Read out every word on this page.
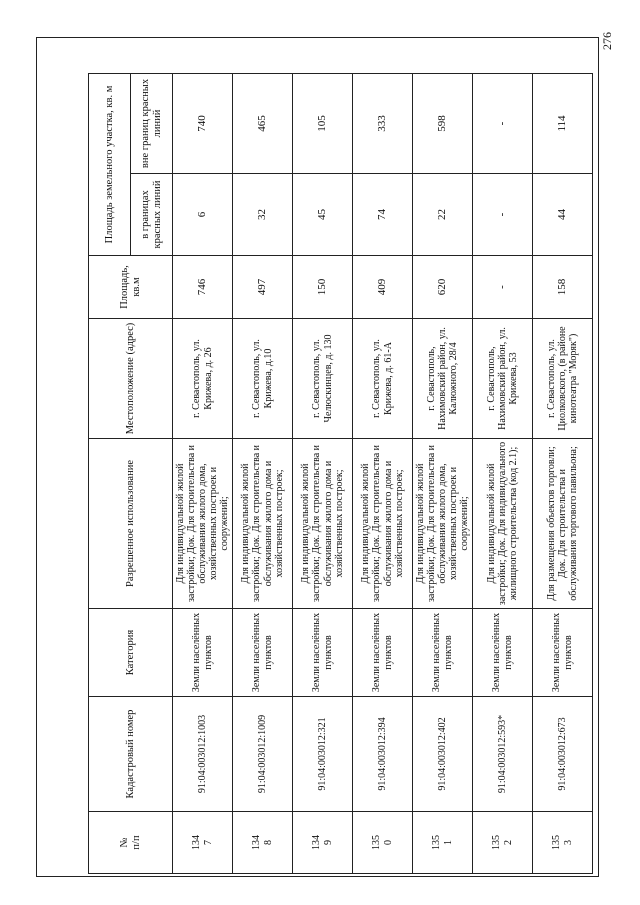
276
№
п/п	Кадастровый номер	Категория	Разрешенное использование	Местоположение (адрес)	Площадь, кв.м	Площадь земельного участка, кв. м	
						в границах красных линий	вне границ красных линий
134
7	91:04:003012:1003	Земли населённых пунктов	Для индивидуальной жилой застройки; Док. Для строительства и обслуживания жилого дома, хозяйственных построек и сооружений;	г. Севастополь, ул. Крижева, д. 26	746	6	740
134
8	91:04:003012:1009	Земли населённых пунктов	Для индивидуальной жилой застройки; Док. Для строительства и обслуживания жилого дома и хозяйственных построек;	г. Севастополь, ул. Крижева, д.10	497	32	465
134
9	91:04:003012:321	Земли населённых пунктов	Для индивидуальной жилой застройки; Док. Для строительства и обслуживания жилого дома и хозяйственных построек;	г. Севастополь, ул. Челюскинцев, д. 130	150	45	105
135
0	91:04:003012:394	Земли населённых пунктов	Для индивидуальной жилой застройки; Док. Для строительства и обслуживания жилого дома и хозяйственных построек;	г. Севастополь, ул. Крижева, д. 61-А	409	74	333
135
1	91:04:003012:402	Земли населённых пунктов	Для индивидуальной жилой застройки; Док. Для строительства и обслуживания жилого дома, хозяйственных построек и сооружений;	г. Севастополь, Нахимовский район, ул. Калюжного, 28/4	620	22	598
135
2	91:04:003012:593*	Земли населённых пунктов	Для индивидуальной жилой застройки; Док. Для индивидуального жилищного строительства (код 2.1);	г. Севастополь, Нахимовский район, ул. Крижева, 53	-	-	-
135
3	91:04:003012:673	Земли населённых пунктов	Для размещения объектов торговли; Док. Для строительства и обслуживания торгового павильона;	г. Севастополь, ул. Циолковского, (в районе кинотеатра "Моряк")	158	44	114
